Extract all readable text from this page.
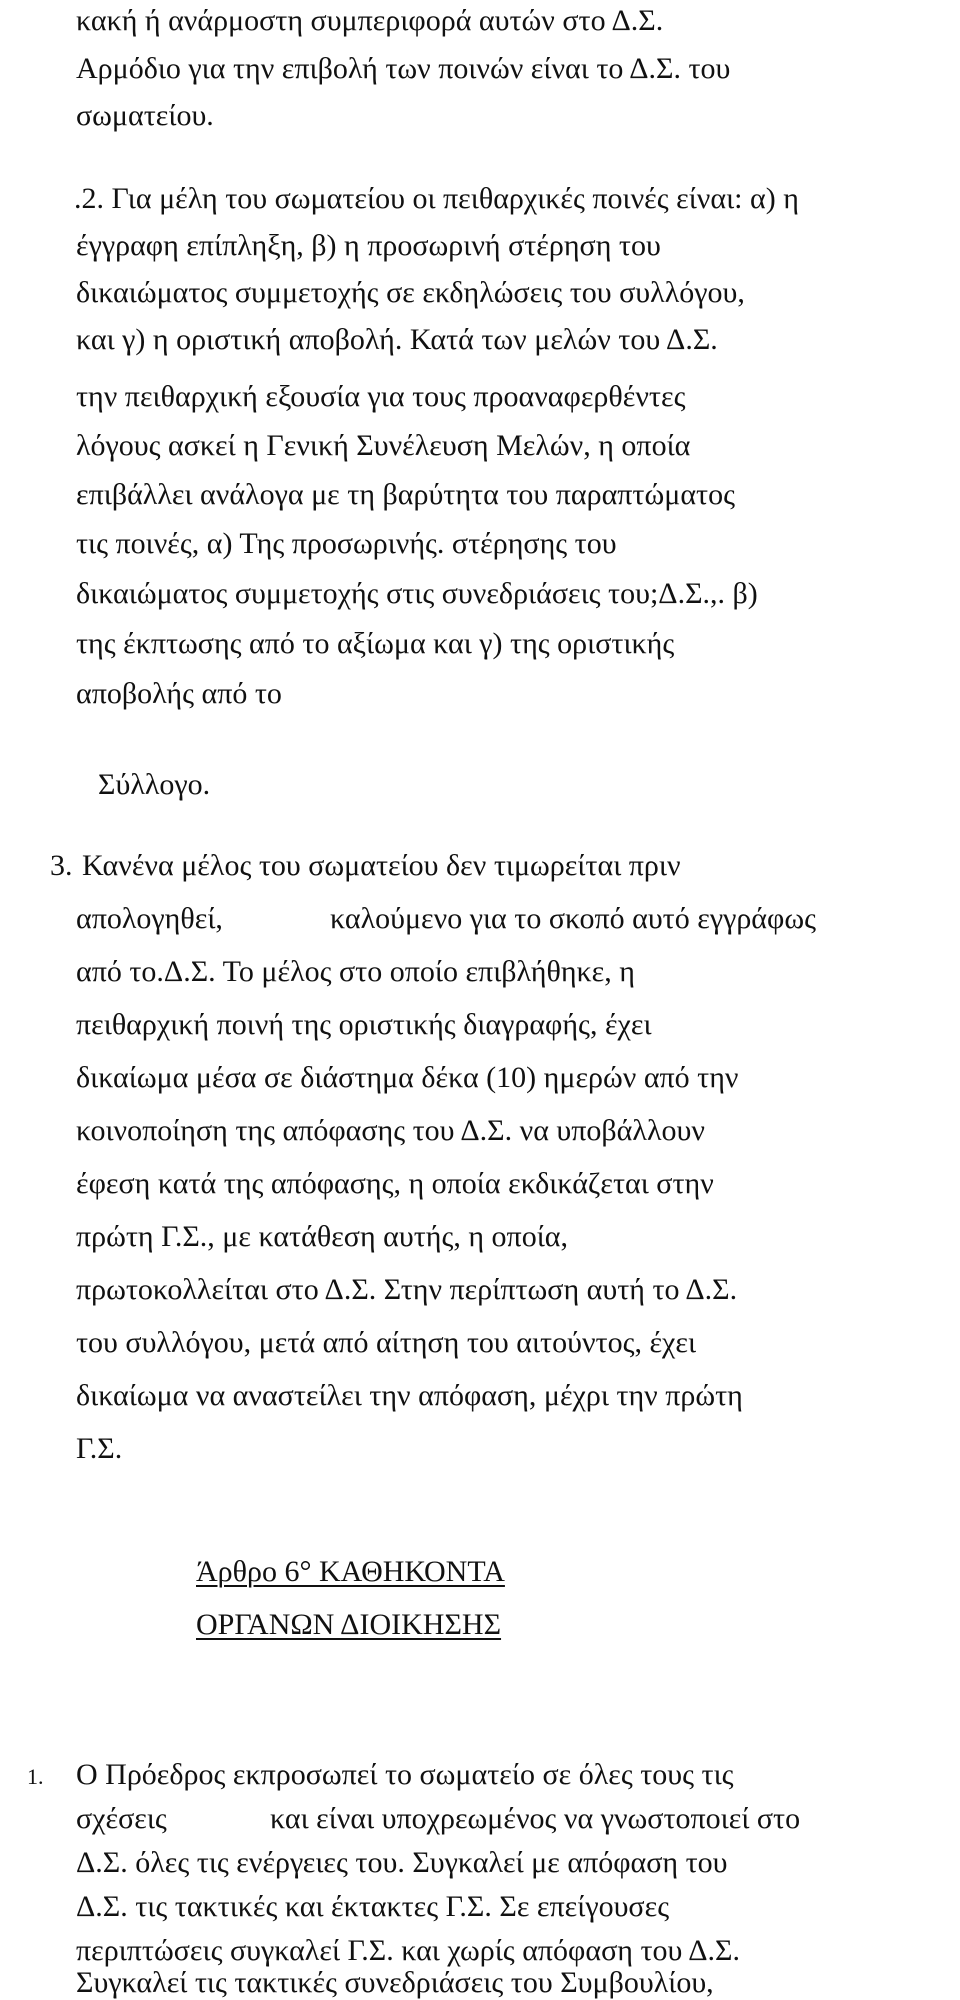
κακή ή ανάρμοστη συμπεριφορά αυτών στο Δ.Σ.
Αρμόδιο για την επιβολή των ποινών είναι το Δ.Σ. του
σωματείου.
.2. Για μέλη του σωματείου οι πειθαρχικές ποινές είναι: α) η
έγγραφη επίπληξη, β) η προσωρινή στέρηση του
δικαιώματος συμμετοχής σε εκδηλώσεις του συλλόγου,
και γ) η οριστική αποβολή. Κατά των μελών του Δ.Σ.
την πειθαρχική εξουσία για τους προαναφερθέντες
λόγους ασκεί η Γενική Συνέλευση Μελών, η οποία
επιβάλλει ανάλογα με τη βαρύτητα του παραπτώματος
τις ποινές, α) Της προσωρινής. στέρησης του
δικαιώματος συμμετοχής στις συνεδριάσεις του;Δ.Σ.,. β)
της έκπτωσης από το αξίωμα και γ) της οριστικής
αποβολής από το
Σύλλογο.
3. Κανένα μέλος του σωματείου δεν τιμωρείται πριν
απολογηθεί,	καλούμενο για το σκοπό αυτό εγγράφως
από το.Δ.Σ. Το μέλος στο οποίο επιβλήθηκε, η
πειθαρχική ποινή της οριστικής διαγραφής, έχει
δικαίωμα μέσα σε διάστημα δέκα (10) ημερών από την
κοινοποίηση της απόφασης του Δ.Σ. να υποβάλλουν
έφεση κατά της απόφασης, η οποία εκδικάζεται στην
πρώτη Γ.Σ., με κατάθεση αυτής, η οποία,
πρωτοκολλείται στο Δ.Σ. Στην περίπτωση αυτή το Δ.Σ.
του συλλόγου, μετά από αίτηση του αιτούντος, έχει
δικαίωμα να αναστείλει την απόφαση, μέχρι την πρώτη
Γ.Σ.
Άρθρο 6° ΚΑΘΗΚΟΝΤΑ
ΟΡΓΑΝΩΝ ΔΙΟΙΚΗΣΗΣ
1. Ο Πρόεδρος εκπροσωπεί το σωματείο σε όλες τους τις
σχέσεις	και είναι υποχρεωμένος να γνωστοποιεί στο
Δ.Σ. όλες τις ενέργειες του. Συγκαλεί με απόφαση του
Δ.Σ. τις τακτικές και έκτακτες Γ.Σ. Σε επείγουσες
περιπτώσεις συγκαλεί Γ.Σ. και χωρίς απόφαση του Δ.Σ.
Συγκαλεί τις τακτικές συνεδριάσεις του Συμβουλίου,
